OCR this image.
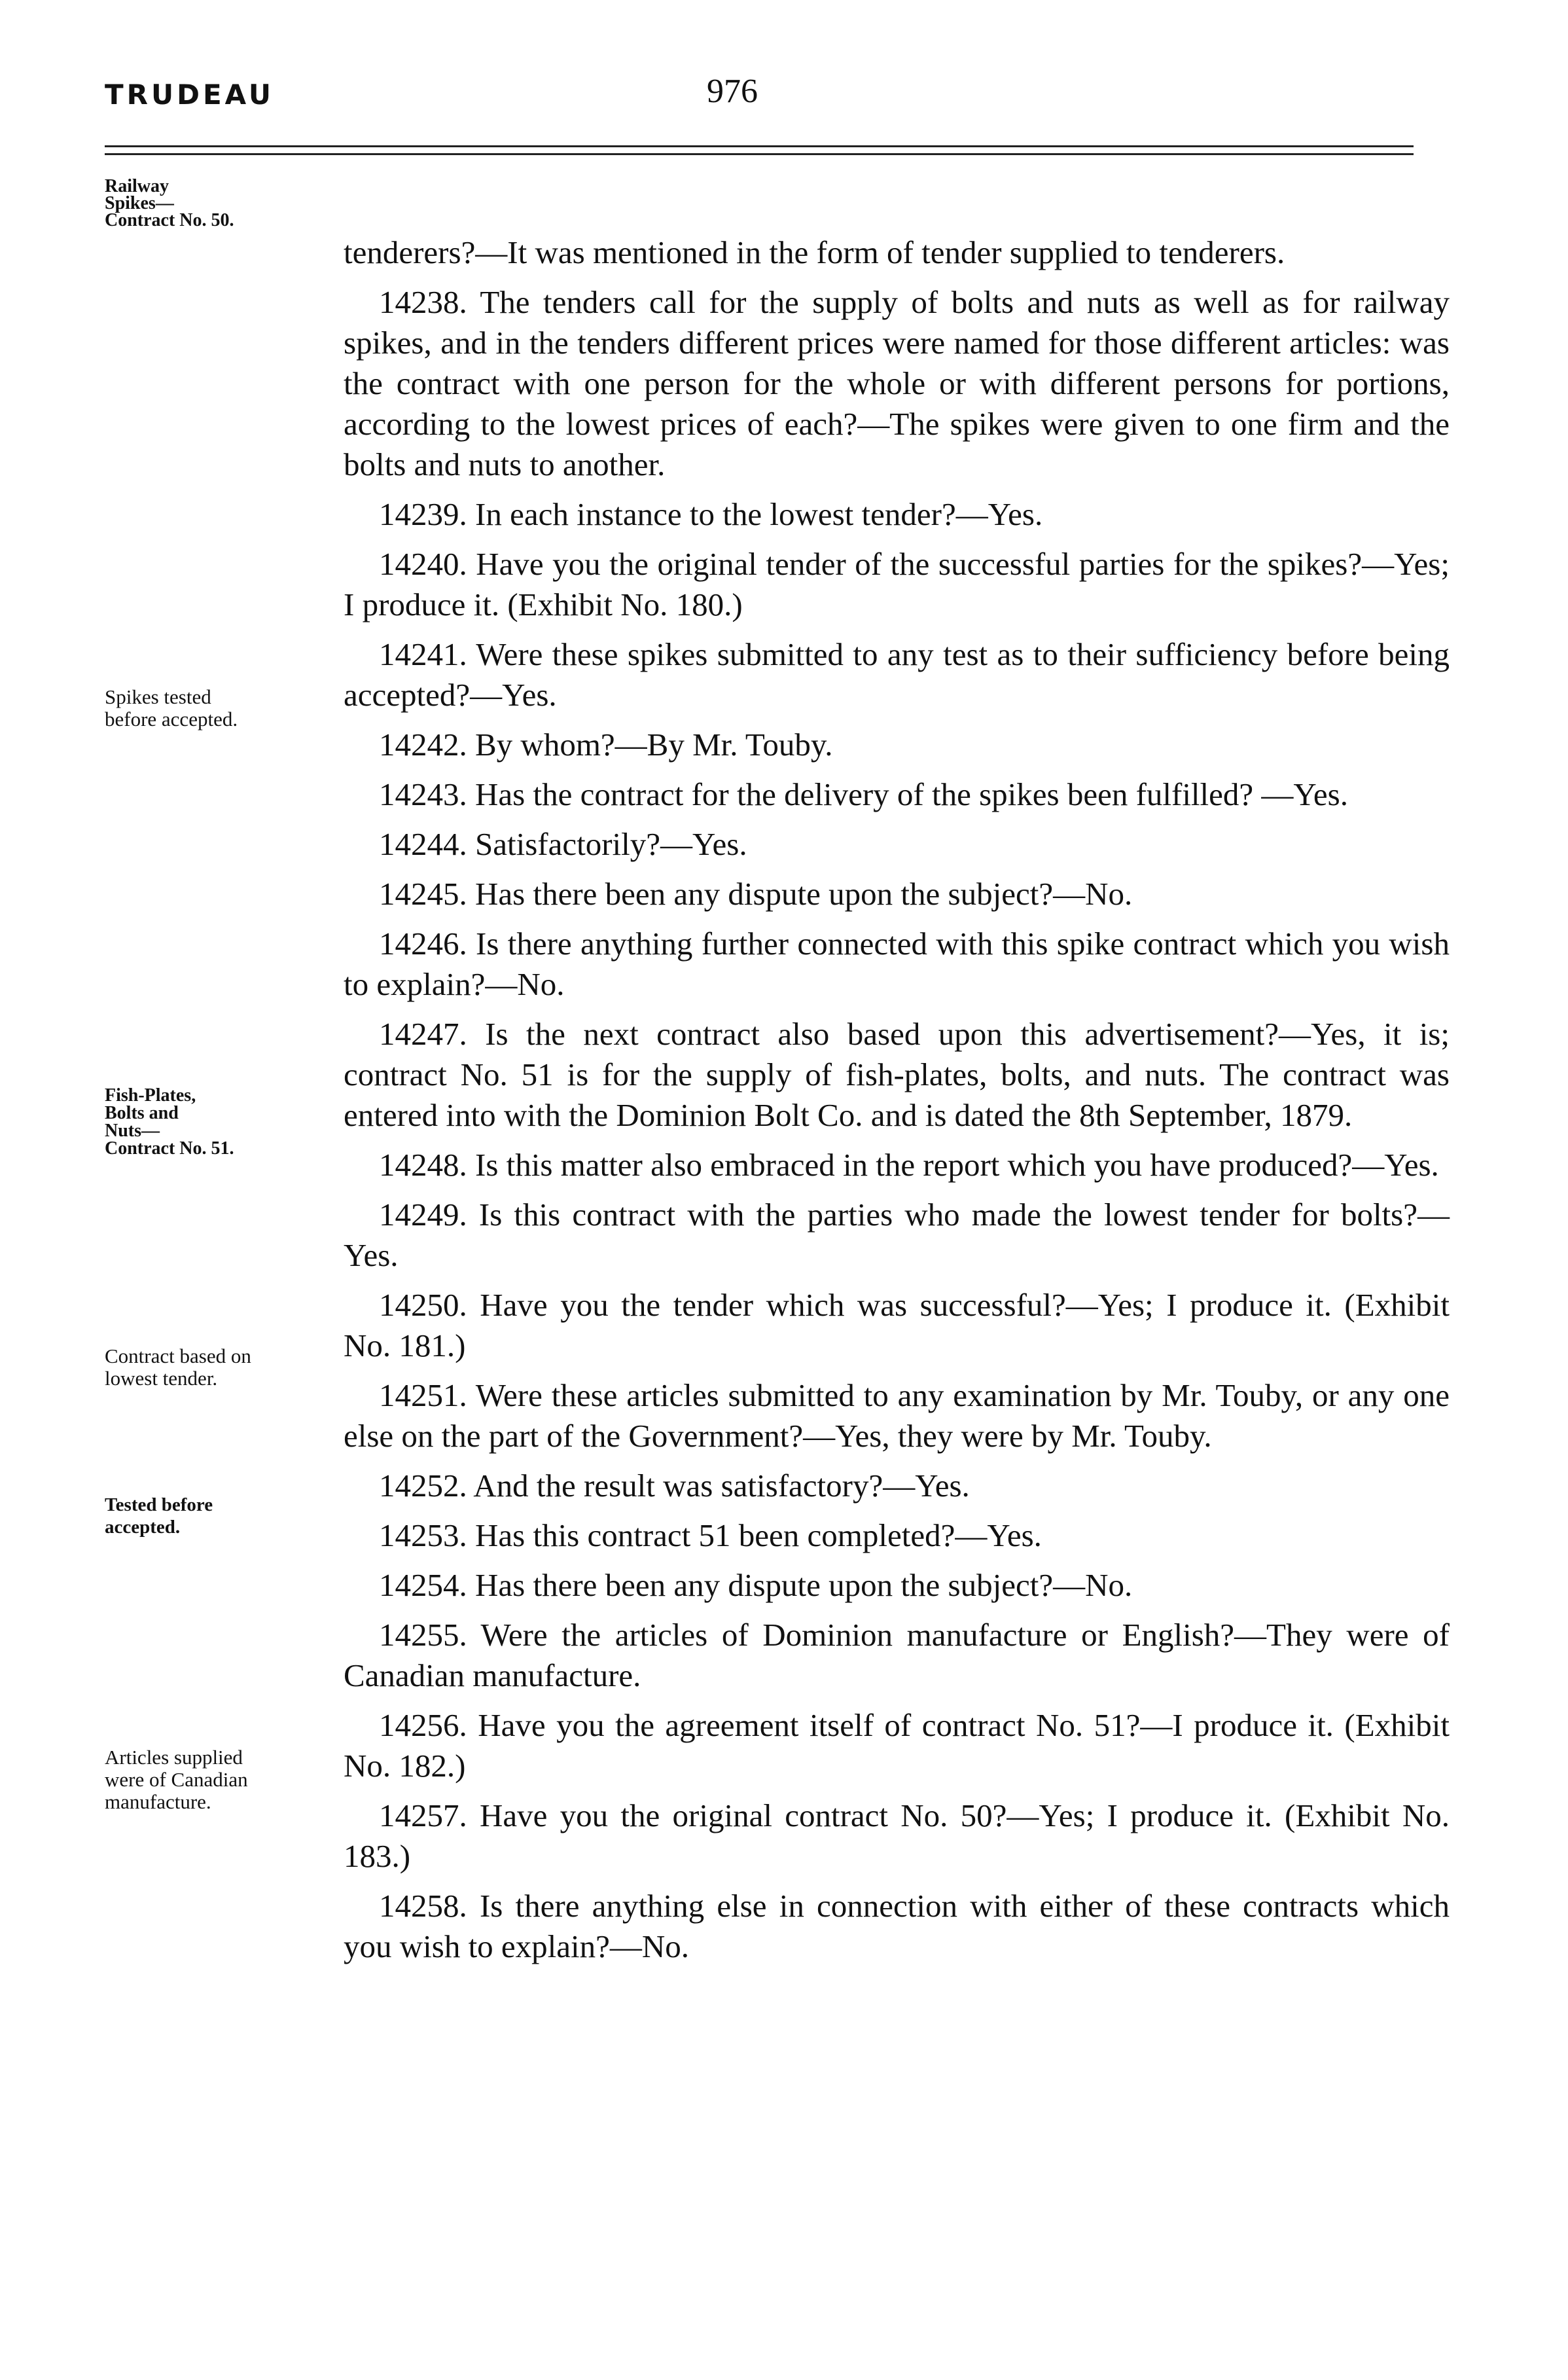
TRUDEAU	976
Railway
Spikes—
Contract No. 50.
Spikes tested
before accepted.
Fish-Plates,
Bolts and
Nuts—
Contract No. 51.
Contract based on
lowest tender.
Tested before
accepted.
Articles supplied
were of Canadian
manufacture.
tenderers?—It was mentioned in the form of tender supplied to tenderers.
14238. The tenders call for the supply of bolts and nuts as well as for railway spikes, and in the tenders different prices were named for those different articles: was the contract with one person for the whole or with different persons for portions, according to the lowest prices of each?—The spikes were given to one firm and the bolts and nuts to another.
14239. In each instance to the lowest tender?—Yes.
14240. Have you the original tender of the successful parties for the spikes?—Yes; I produce it. (Exhibit No. 180.)
14241. Were these spikes submitted to any test as to their sufficiency before being accepted?—Yes.
14242. By whom?—By Mr. Touby.
14243. Has the contract for the delivery of the spikes been fulfilled? —Yes.
14244. Satisfactorily?—Yes.
14245. Has there been any dispute upon the subject?—No.
14246. Is there anything further connected with this spike contract which you wish to explain?—No.
14247. Is the next contract also based upon this advertisement?—Yes, it is; contract No. 51 is for the supply of fish-plates, bolts, and nuts. The contract was entered into with the Dominion Bolt Co. and is dated the 8th September, 1879.
14248. Is this matter also embraced in the report which you have produced?—Yes.
14249. Is this contract with the parties who made the lowest tender for bolts?—Yes.
14250. Have you the tender which was successful?—Yes; I produce it. (Exhibit No. 181.)
14251. Were these articles submitted to any examination by Mr. Touby, or any one else on the part of the Government?—Yes, they were by Mr. Touby.
14252. And the result was satisfactory?—Yes.
14253. Has this contract 51 been completed?—Yes.
14254. Has there been any dispute upon the subject?—No.
14255. Were the articles of Dominion manufacture or English?—They were of Canadian manufacture.
14256. Have you the agreement itself of contract No. 51?—I produce it. (Exhibit No. 182.)
14257. Have you the original contract No. 50?—Yes; I produce it. (Exhibit No. 183.)
14258. Is there anything else in connection with either of these contracts which you wish to explain?—No.
